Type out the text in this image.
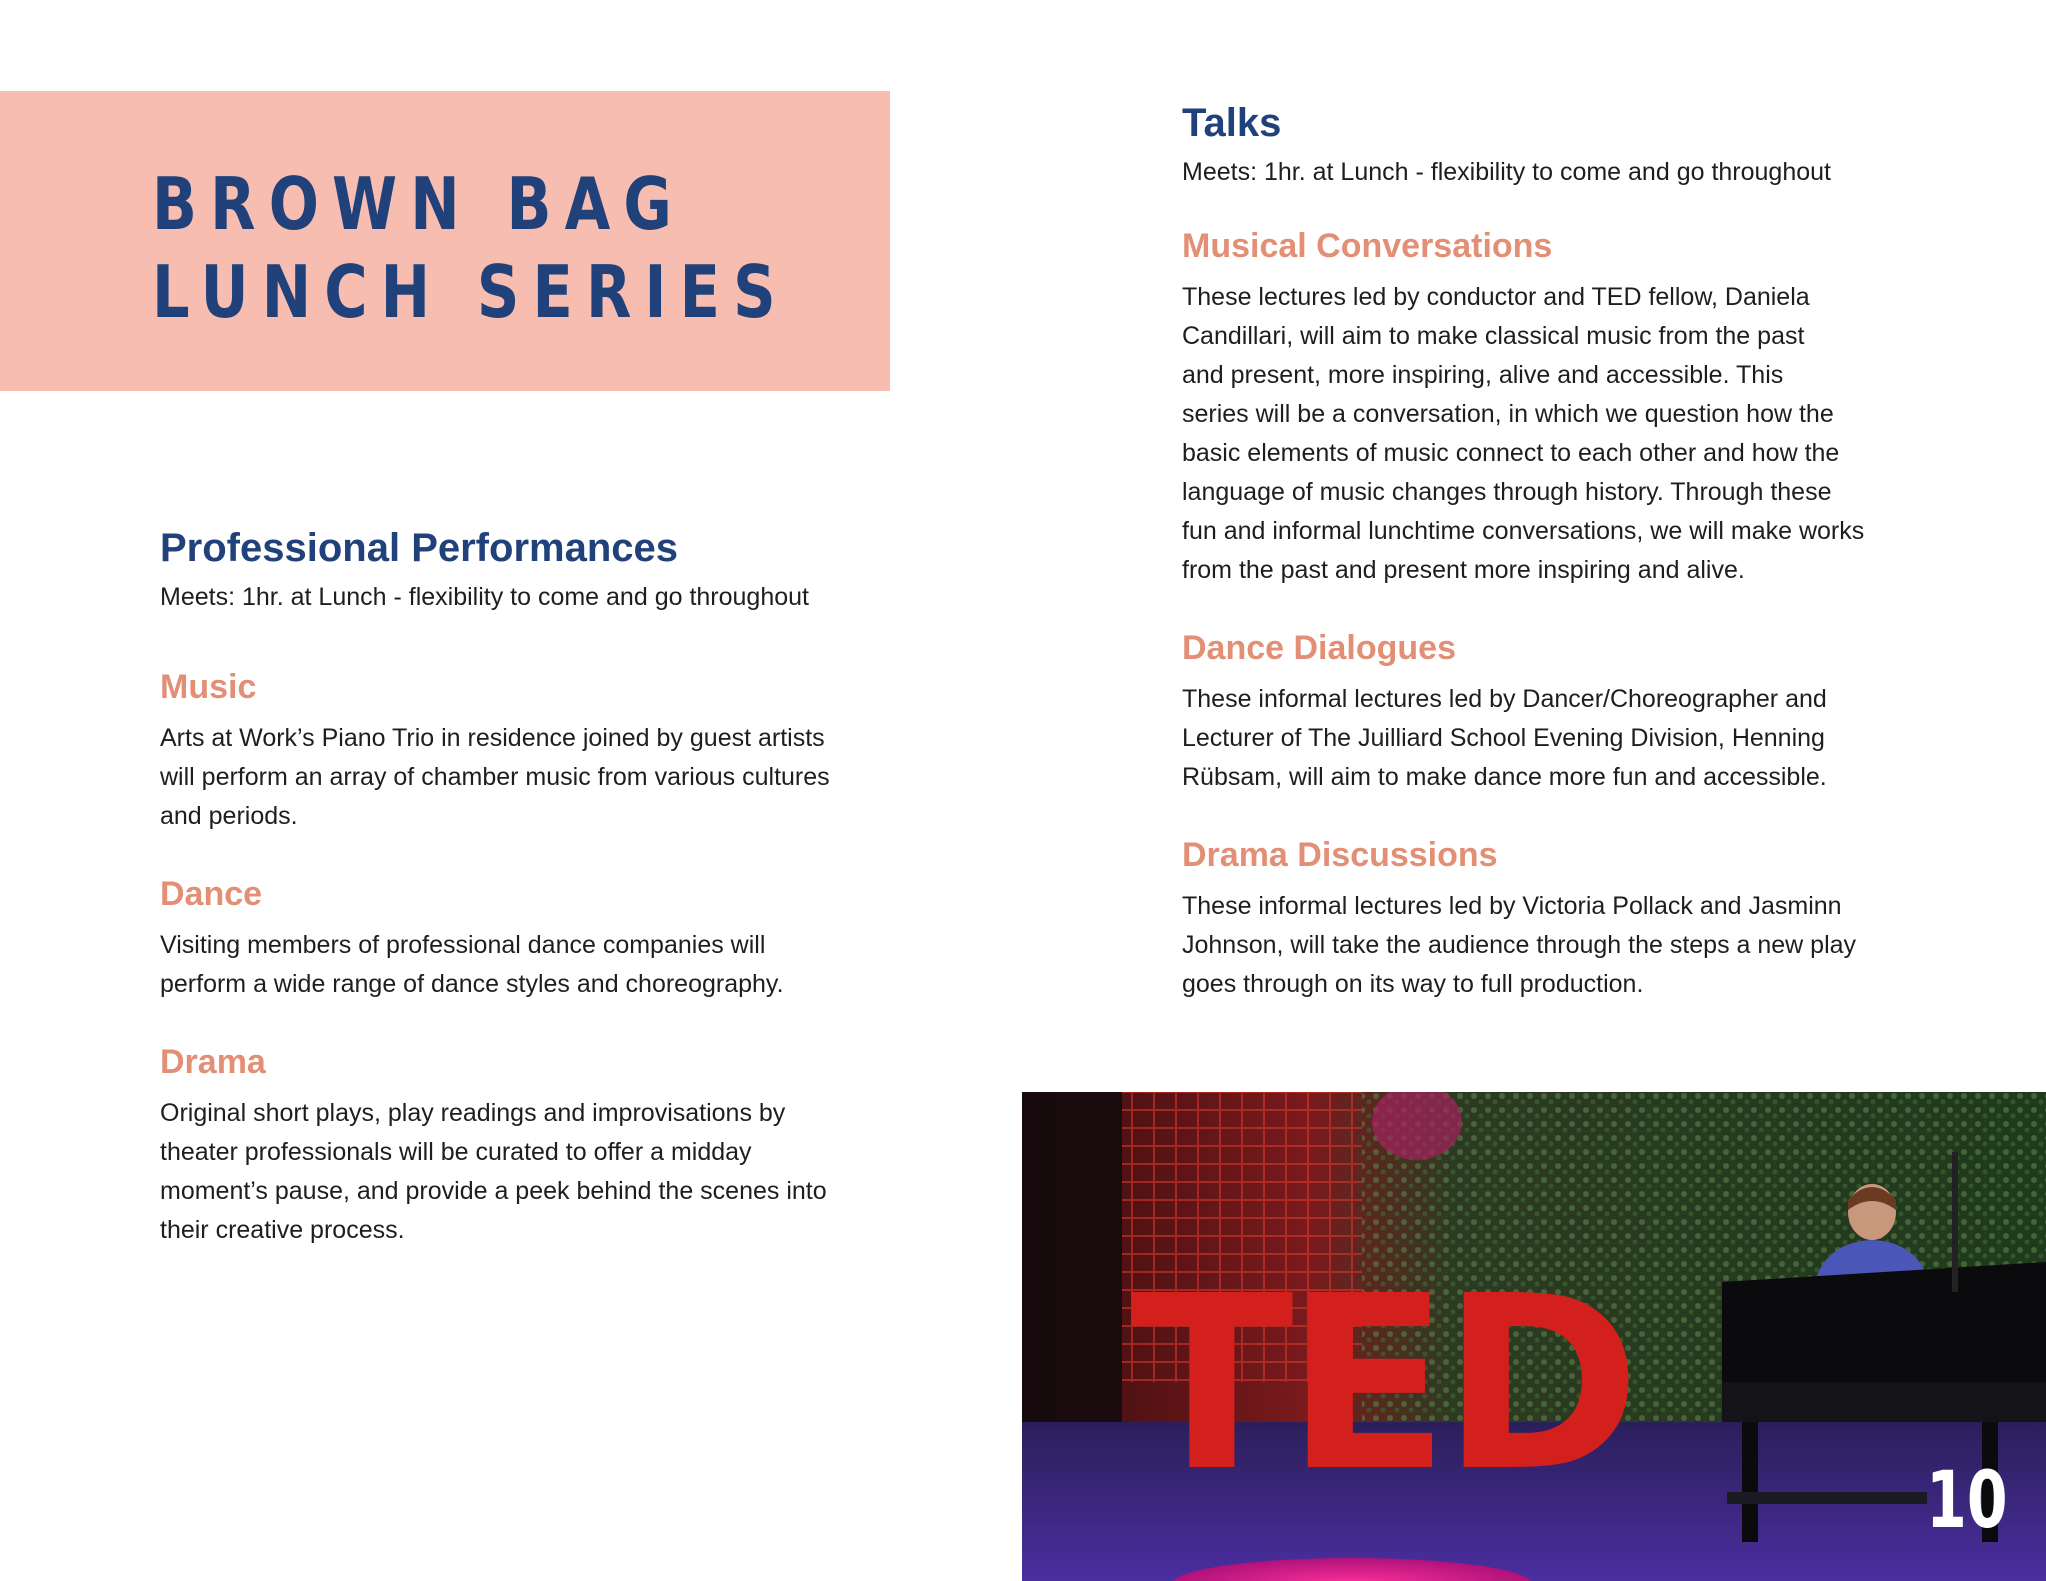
BROWN BAG
LUNCH SERIES
Professional Performances

Meets: 1hr. at Lunch - flexibility to come and go throughout

Music

Arts at Work’s Piano Trio in residence joined by guest artists
will perform an array of chamber music from various cultures
and periods.

Dance

Visiting members of professional dance companies will
perform a wide range of dance styles and choreography.

Drama

Original short plays, play readings and improvisations by
theater professionals will be curated to offer a midday
moment’s pause, and provide a peek behind the scenes into
their creative process.

Talks

Meets: 1hr. at Lunch - flexibility to come and go throughout

Musical Conversations

These lectures led by conductor and TED fellow, Daniela
Candillari, will aim to make classical music from the past
and present, more inspiring, alive and accessible. This
series will be a conversation, in which we question how the
basic elements of music connect to each other and how the
language of music changes through history. Through these
fun and informal lunchtime conversations, we will make works
from the past and present more inspiring and alive.

Dance Dialogues

These informal lectures led by Dancer/Choreographer and
Lecturer of The Juilliard School Evening Division, Henning
Rübsam, will aim to make dance more fun and accessible.

Drama Discussions

These informal lectures led by Victoria Pollack and Jasminn
Johnson, will take the audience through the steps a new play
goes through on its way to full production.

TED	10
